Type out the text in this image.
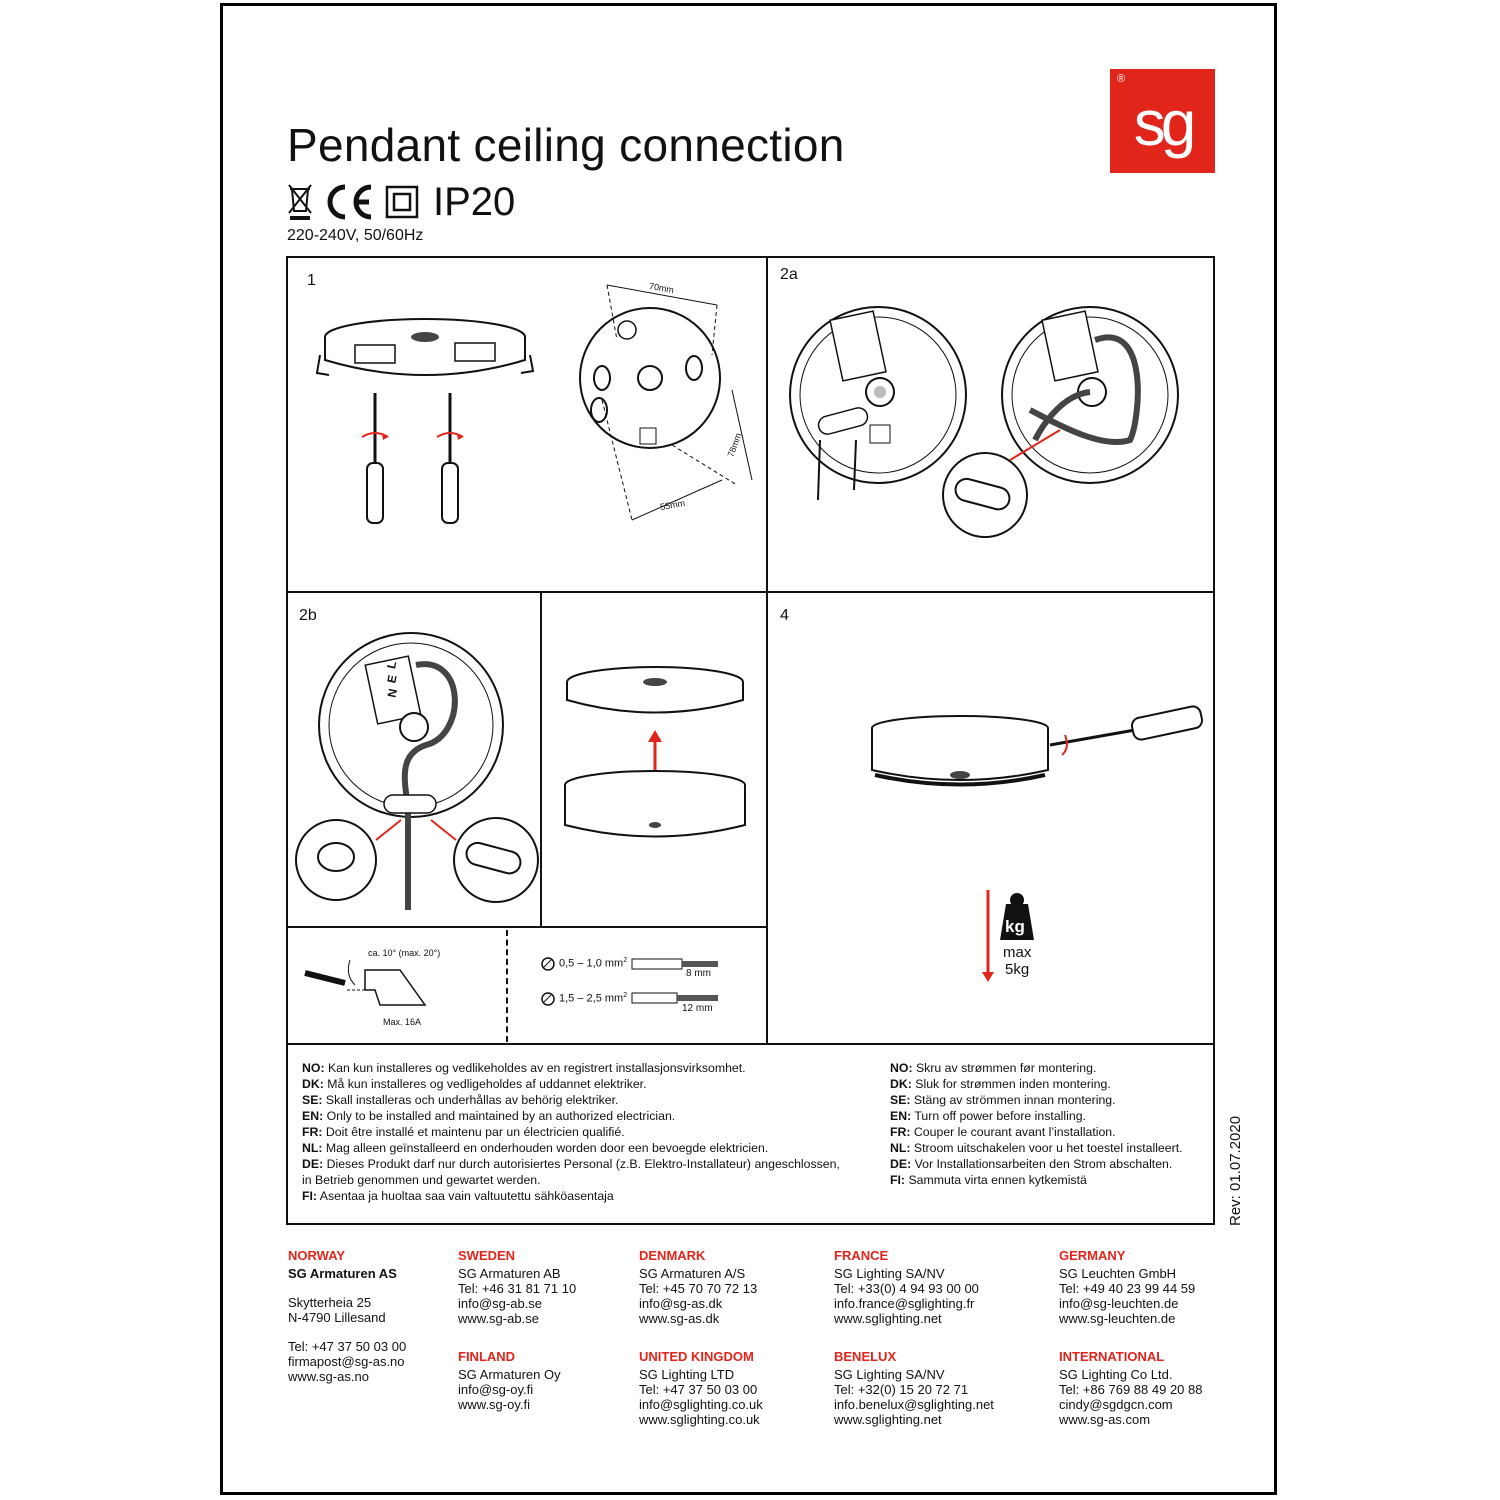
Pendant ceiling connection
IP20
220-240V, 50/60Hz
®
sg
1	2a
2b	4
70mm
78mm
55mm
N
E
L
kg
max
5kg
ca. 10° (max. 20°)
Max. 16A
0,5 – 1,0 $mm^2$
8 mm
1,5 – 2,5 $mm^2$
12 mm

NO: Kan kun installeres og vedlikeholdes av en registrert installasjonsvirksomhet.

DK: Må kun installeres og vedligeholdes af uddannet elektriker.

SE: Skall installeras och underhållas av behörig elektriker.

EN: Only to be installed and maintained by an authorized electrician.

FR: Doit être installé et maintenu par un électricien qualifié.

NL: Mag alleen geïnstalleerd en onderhouden worden door een bevoegde elektricien.

DE: Dieses Produkt darf nur durch autorisiertes Personal (z.B. Elektro-Installateur) angeschlossen,

in Betrieb genommen und gewartet werden.

FI: Asentaa ja huoltaa saa vain valtuutettu sähköasentaja

NO: Skru av strømmen før montering.

DK: Sluk for strømmen inden montering.

SE: Stäng av strömmen innan montering.

EN: Turn off power before installing.

FR: Couper le courant avant l’installation.

NL: Stroom uitschakelen voor u het toestel installeert.

DE: Vor Installationsarbeiten den Strom abschalten.

FI: Sammuta virta ennen kytkemistä	Rev: 01.07.2020

NORWAY

SG Armaturen AS

Skytterheia 25

N-4790 Lillesand

Tel: +47 37 50 03 00

firmapost@sg-as.no

www.sg-as.no

SWEDEN

SG Armaturen AB

Tel: +46 31 81 71 10

info@sg-ab.se

www.sg-ab.se

FINLAND

SG Armaturen Oy

info@sg-oy.fi

www.sg-oy.fi

DENMARK

SG Armaturen A/S

Tel: +45 70 70 72 13

info@sg-as.dk

www.sg-as.dk

UNITED KINGDOM

SG Lighting LTD

Tel: +47 37 50 03 00

info@sglighting.co.uk

www.sglighting.co.uk

FRANCE

SG Lighting SA/NV

Tel: +33(0) 4 94 93 00 00

info.france@sglighting.fr

www.sglighting.net

BENELUX

SG Lighting SA/NV

Tel: +32(0) 15 20 72 71

info.benelux@sglighting.net

www.sglighting.net

GERMANY

SG Leuchten GmbH

Tel: +49 40 23 99 44 59

info@sg-leuchten.de

www.sg-leuchten.de

INTERNATIONAL

SG Lighting Co Ltd.

Tel: +86 769 88 49 20 88

cindy@sgdgcn.com

www.sg-as.com
